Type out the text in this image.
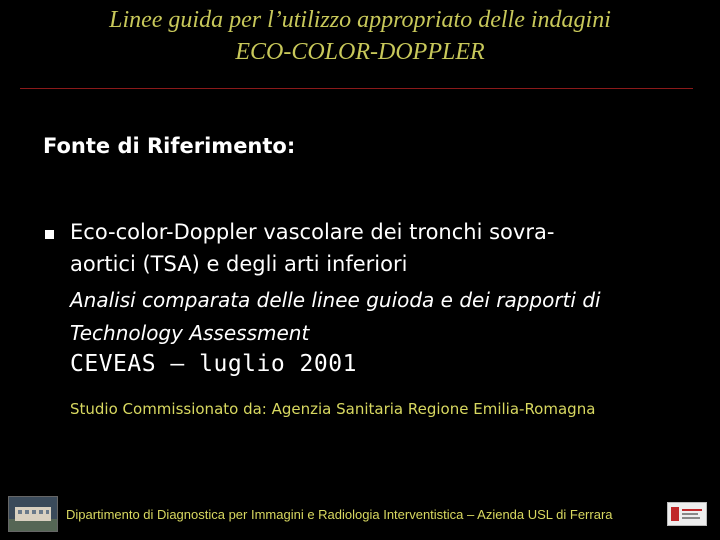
Linee guida per l’utilizzo appropriato delle indagini
ECO-COLOR-DOPPLER
Fonte di Riferimento:
Eco-color-Doppler vascolare dei tronchi sovra-
aortici (TSA) e degli arti inferiori
Analisi comparata delle linee guioda e dei rapporti di
Technology Assessment
CEVEAS – luglio 2001
Studio Commissionato da: Agenzia Sanitaria Regione Emilia-Romagna
Dipartimento di Diagnostica per Immagini e Radiologia Interventistica – Azienda USL di Ferrara
